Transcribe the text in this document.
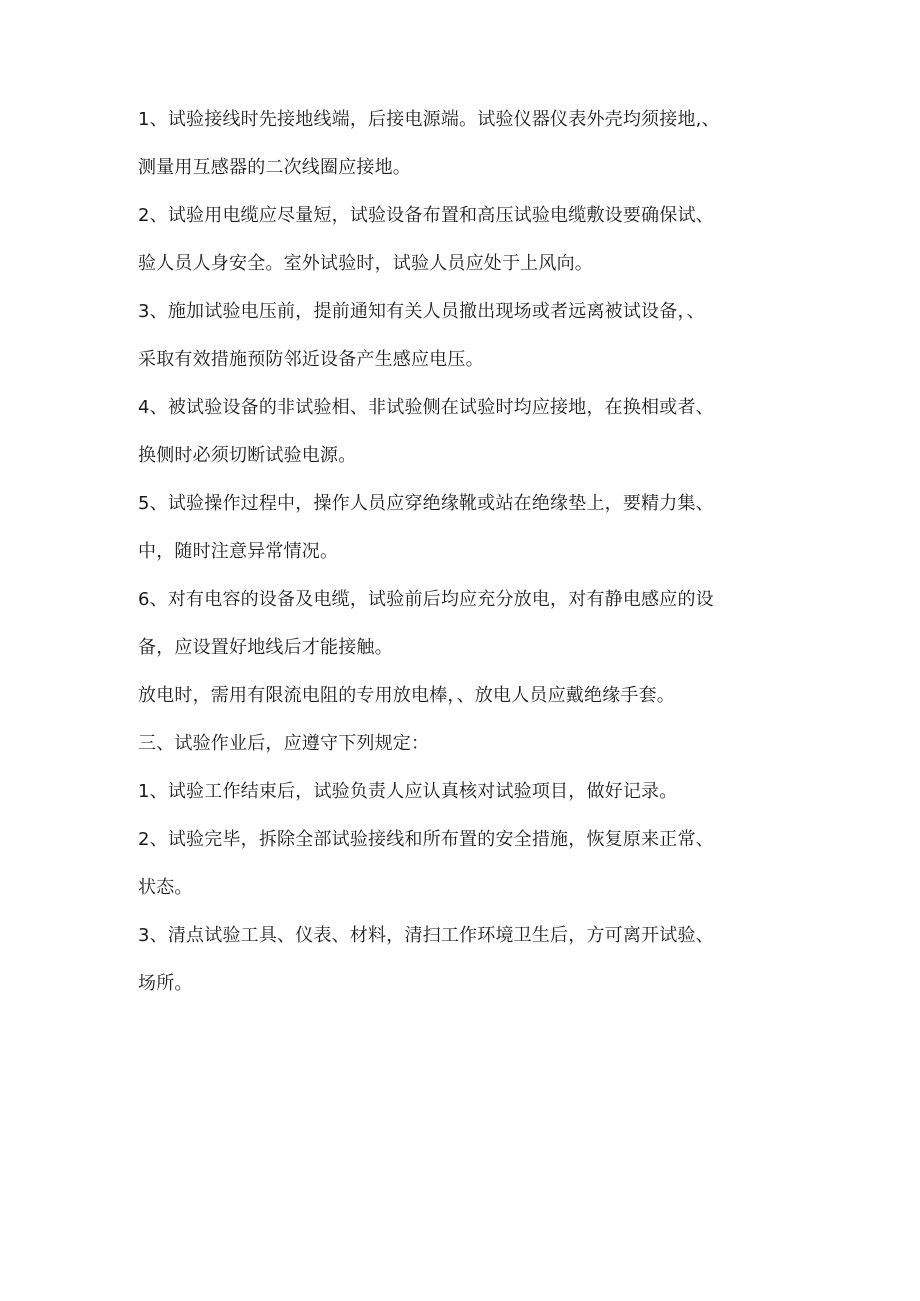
1、试验接线时先接地线端，后接电源端。试验仪器仪表外壳均须接地,、
测量用互感器的二次线圈应接地。
2、试验用电缆应尽量短，试验设备布置和高压试验电缆敷设要确保试、
验人员人身安全。室外试验时，试验人员应处于上风向。
3、施加试验电压前，提前通知有关人员撤出现场或者远离被试设备，、
采取有效措施预防邻近设备产生感应电压。
4、被试验设备的非试验相、非试验侧在试验时均应接地，在换相或者、
换侧时必须切断试验电源。
5、试验操作过程中，操作人员应穿绝缘靴或站在绝缘垫上，要精力集、
中，随时注意异常情况。
6、对有电容的设备及电缆，试验前后均应充分放电，对有静电感应的设
备，应设置好地线后才能接触。
放电时，需用有限流电阻的专用放电棒，、放电人员应戴绝缘手套。
三、试验作业后，应遵守下列规定：
1、试验工作结束后，试验负责人应认真核对试验项目，做好记录。
2、试验完毕，拆除全部试验接线和所布置的安全措施，恢复原来正常、
状态。
3、清点试验工具、仪表、材料，清扫工作环境卫生后，方可离开试验、
场所。
